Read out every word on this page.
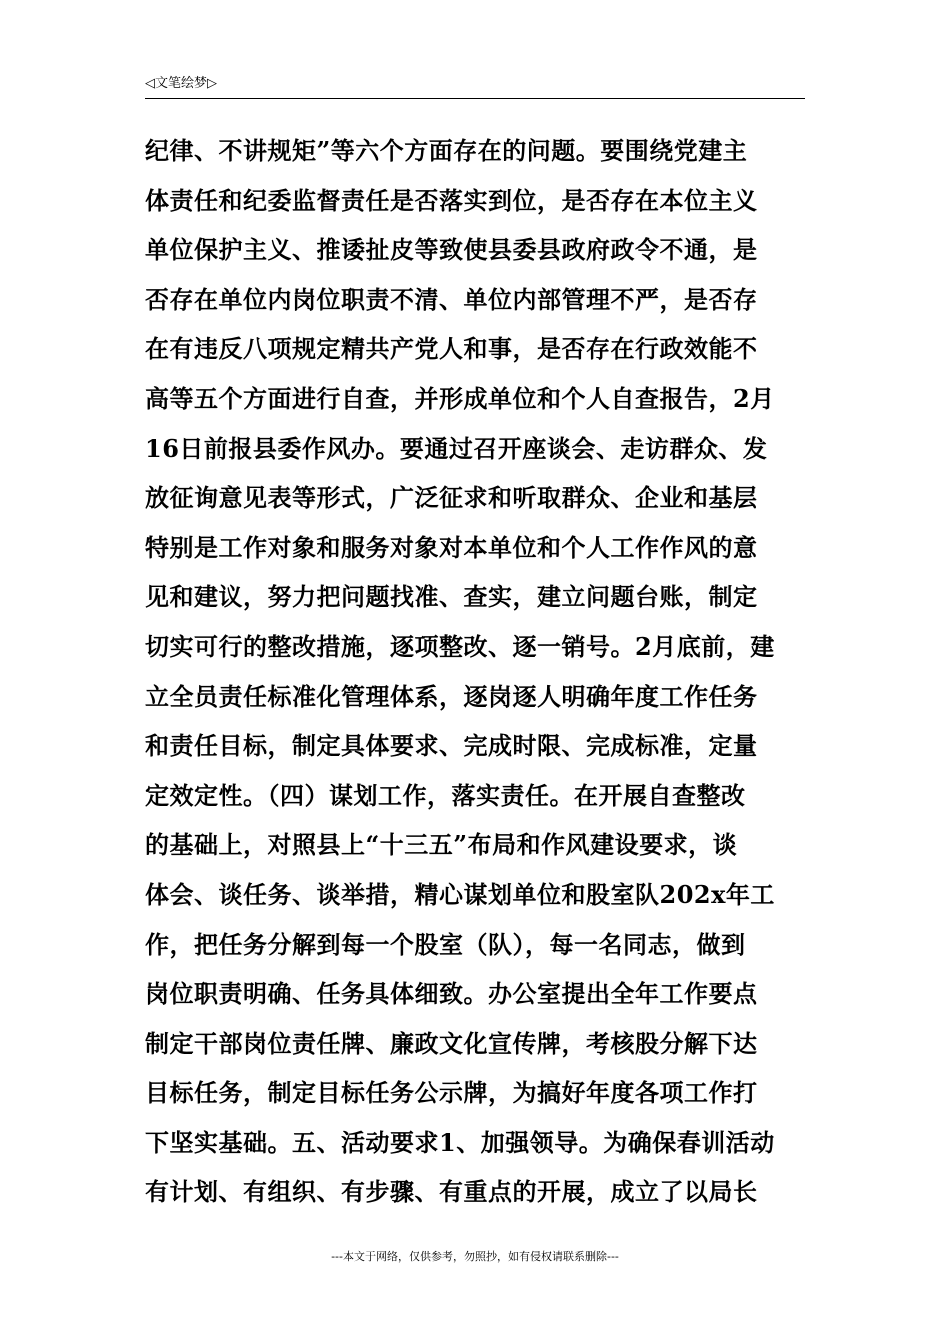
◁文笔绘梦▷
纪律、不讲规矩”等六个方面存在的问题。要围绕党建主
体责任和纪委监督责任是否落实到位，是否存在本位主义
单位保护主义、推诿扯皮等致使县委县政府政令不通，是
否存在单位内岗位职责不清、单位内部管理不严，是否存
在有违反八项规定精共产党人和事，是否存在行政效能不
高等五个方面进行自查，并形成单位和个人自查报告，2月
16日前报县委作风办。要通过召开座谈会、走访群众、发
放征询意见表等形式，广泛征求和听取群众、企业和基层
特别是工作对象和服务对象对本单位和个人工作作风的意
见和建议，努力把问题找准、查实，建立问题台账，制定
切实可行的整改措施，逐项整改、逐一销号。2月底前，建
立全员责任标准化管理体系，逐岗逐人明确年度工作任务
和责任目标，制定具体要求、完成时限、完成标准，定量
定效定性。（四）谋划工作，落实责任。在开展自查整改
的基础上，对照县上“十三五”布局和作风建设要求，谈
体会、谈任务、谈举措，精心谋划单位和股室队202x年工
作，把任务分解到每一个股室（队），每一名同志，做到
岗位职责明确、任务具体细致。办公室提出全年工作要点
制定干部岗位责任牌、廉政文化宣传牌，考核股分解下达
目标任务，制定目标任务公示牌，为搞好年度各项工作打
下坚实基础。五、活动要求1、加强领导。为确保春训活动
有计划、有组织、有步骤、有重点的开展，成立了以局长
---本文于网络，仅供参考，勿照抄，如有侵权请联系删除---
